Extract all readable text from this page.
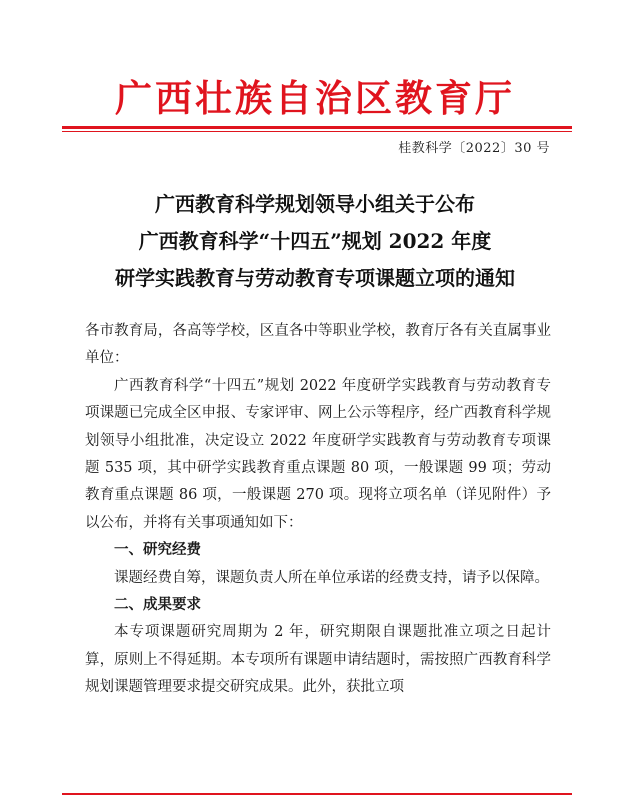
广西壮族自治区教育厅
桂教科学〔2022〕30 号
广西教育科学规划领导小组关于公布
广西教育科学“十四五”规划 2022 年度
研学实践教育与劳动教育专项课题立项的通知

各市教育局，各高等学校，区直各中等职业学校，教育厅各有关直属事业单位：

广西教育科学“十四五”规划 2022 年度研学实践教育与劳动教育专项课题已完成全区申报、专家评审、网上公示等程序，经广西教育科学规划领导小组批准，决定设立 2022 年度研学实践教育与劳动教育专项课题 535 项，其中研学实践教育重点课题 80 项，一般课题 99 项；劳动教育重点课题 86 项，一般课题 270 项。现将立项名单（详见附件）予以公布，并将有关事项通知如下：

一、研究经费

课题经费自筹，课题负责人所在单位承诺的经费支持，请予以保障。

二、成果要求

本专项课题研究周期为 2 年，研究期限自课题批准立项之日起计算，原则上不得延期。本专项所有课题申请结题时，需按照广西教育科学规划课题管理要求提交研究成果。此外，获批立项
